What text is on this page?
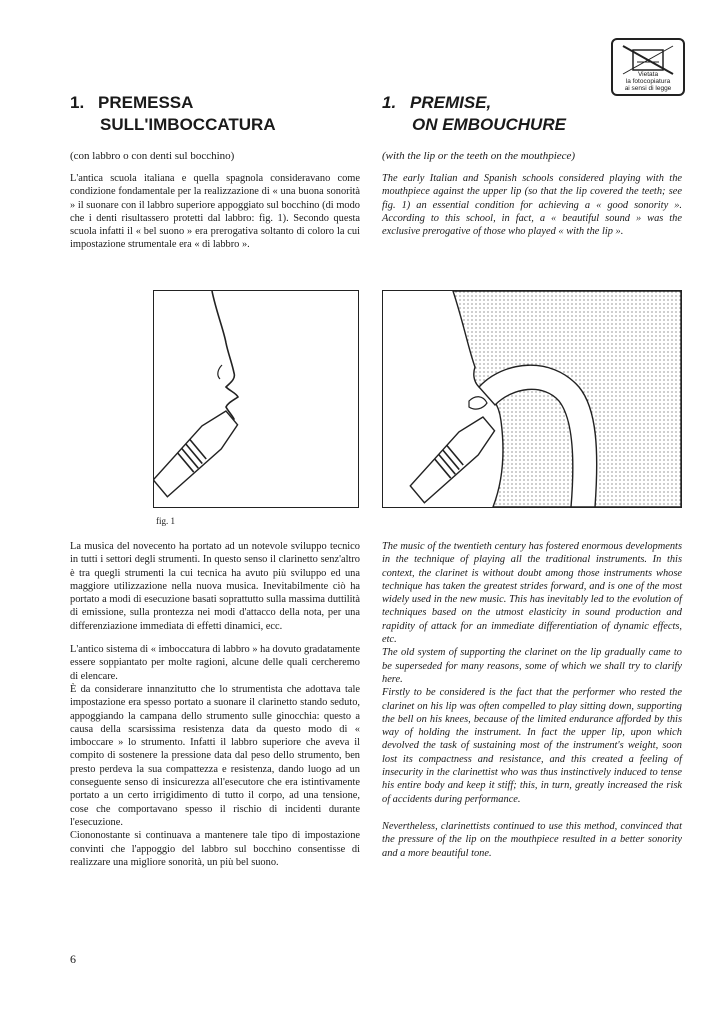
Vietata
la fotocopiatura
ai sensi di legge
1. PREMESSA
SULL'IMBOCCATURA
1. PREMISE,
ON EMBOUCHURE
(con labbro o con denti sul bocchino)	(with the lip or the teeth on the mouthpiece)

L'antica scuola italiana e quella spagnola consideravano come condizione fondamentale per la realizzazione di « una buona sonorità » il suonare con il labbro superiore appoggiato sul bocchino (di modo che i denti risultassero protetti dal labbro: fig. 1). Secondo questa scuola infatti il « bel suono » era prerogativa soltanto di coloro la cui impostazione strumentale era « di labbro ».

The early Italian and Spanish schools considered playing with the mouthpiece against the upper lip (so that the lip covered the teeth; see fig. 1) an essential condition for achieving a « good sonority ». According to this school, in fact, a « beautiful sound » was the exclusive prerogative of those who played « with the lip ».

fig. 1

La musica del novecento ha portato ad un notevole sviluppo tecnico in tutti i settori degli strumenti. In questo senso il clarinetto senz'altro è tra quegli strumenti la cui tecnica ha avuto più sviluppo ed una maggiore utilizzazione nella nuova musica. Inevitabilmente ciò ha portato a modi di esecuzione basati soprattutto sulla massima duttilità di emissione, sulla prontezza nei modi d'attacco della nota, per una differenziazione immediata di effetti dinamici, ecc.

L'antico sistema di « imboccatura di labbro » ha dovuto gradatamente essere soppiantato per molte ragioni, alcune delle quali cercheremo di elencare.

È da considerare innanzitutto che lo strumentista che adottava tale impostazione era spesso portato a suonare il clarinetto stando seduto, appoggiando la campana dello strumento sulle ginocchia: questo a causa della scarsissima resistenza data da questo modo di « imboccare » lo strumento. Infatti il labbro superiore che aveva il compito di sostenere la pressione data dal peso dello strumento, ben presto perdeva la sua compattezza e resistenza, dando luogo ad un conseguente senso di insicurezza all'esecutore che era istintivamente portato a un certo irrigidimento di tutto il corpo, ad una tensione, cose che comportavano spesso il rischio di incidenti durante l'esecuzione.

Ciononostante si continuava a mantenere tale tipo di impostazione convinti che l'appoggio del labbro sul bocchino consentisse di realizzare una migliore sonorità, un più bel suono.

The music of the twentieth century has fostered enormous developments in the technique of playing all the traditional instruments. In this context, the clarinet is without doubt among those instruments whose technique has taken the greatest strides forward, and is one of the most widely used in the new music. This has inevitably led to the evolution of techniques based on the utmost elasticity in sound production and rapidity of attack for an immediate differentiation of dynamic effects, etc.

The old system of supporting the clarinet on the lip gradually came to be superseded for many reasons, some of which we shall try to clarify here.

Firstly to be considered is the fact that the performer who rested the clarinet on his lip was often compelled to play sitting down, supporting the bell on his knees, because of the limited endurance afforded by this way of holding the instrument. In fact the upper lip, upon which devolved the task of sustaining most of the instrument's weight, soon lost its compactness and resistance, and this created a feeling of insecurity in the clarinettist who was thus instinctively induced to tense his entire body and keep it stiff; this, in turn, greatly increased the risk of accidents during performance.

Nevertheless, clarinettists continued to use this method, convinced that the pressure of the lip on the mouthpiece resulted in a better sonority and a more beautiful tone.

6
